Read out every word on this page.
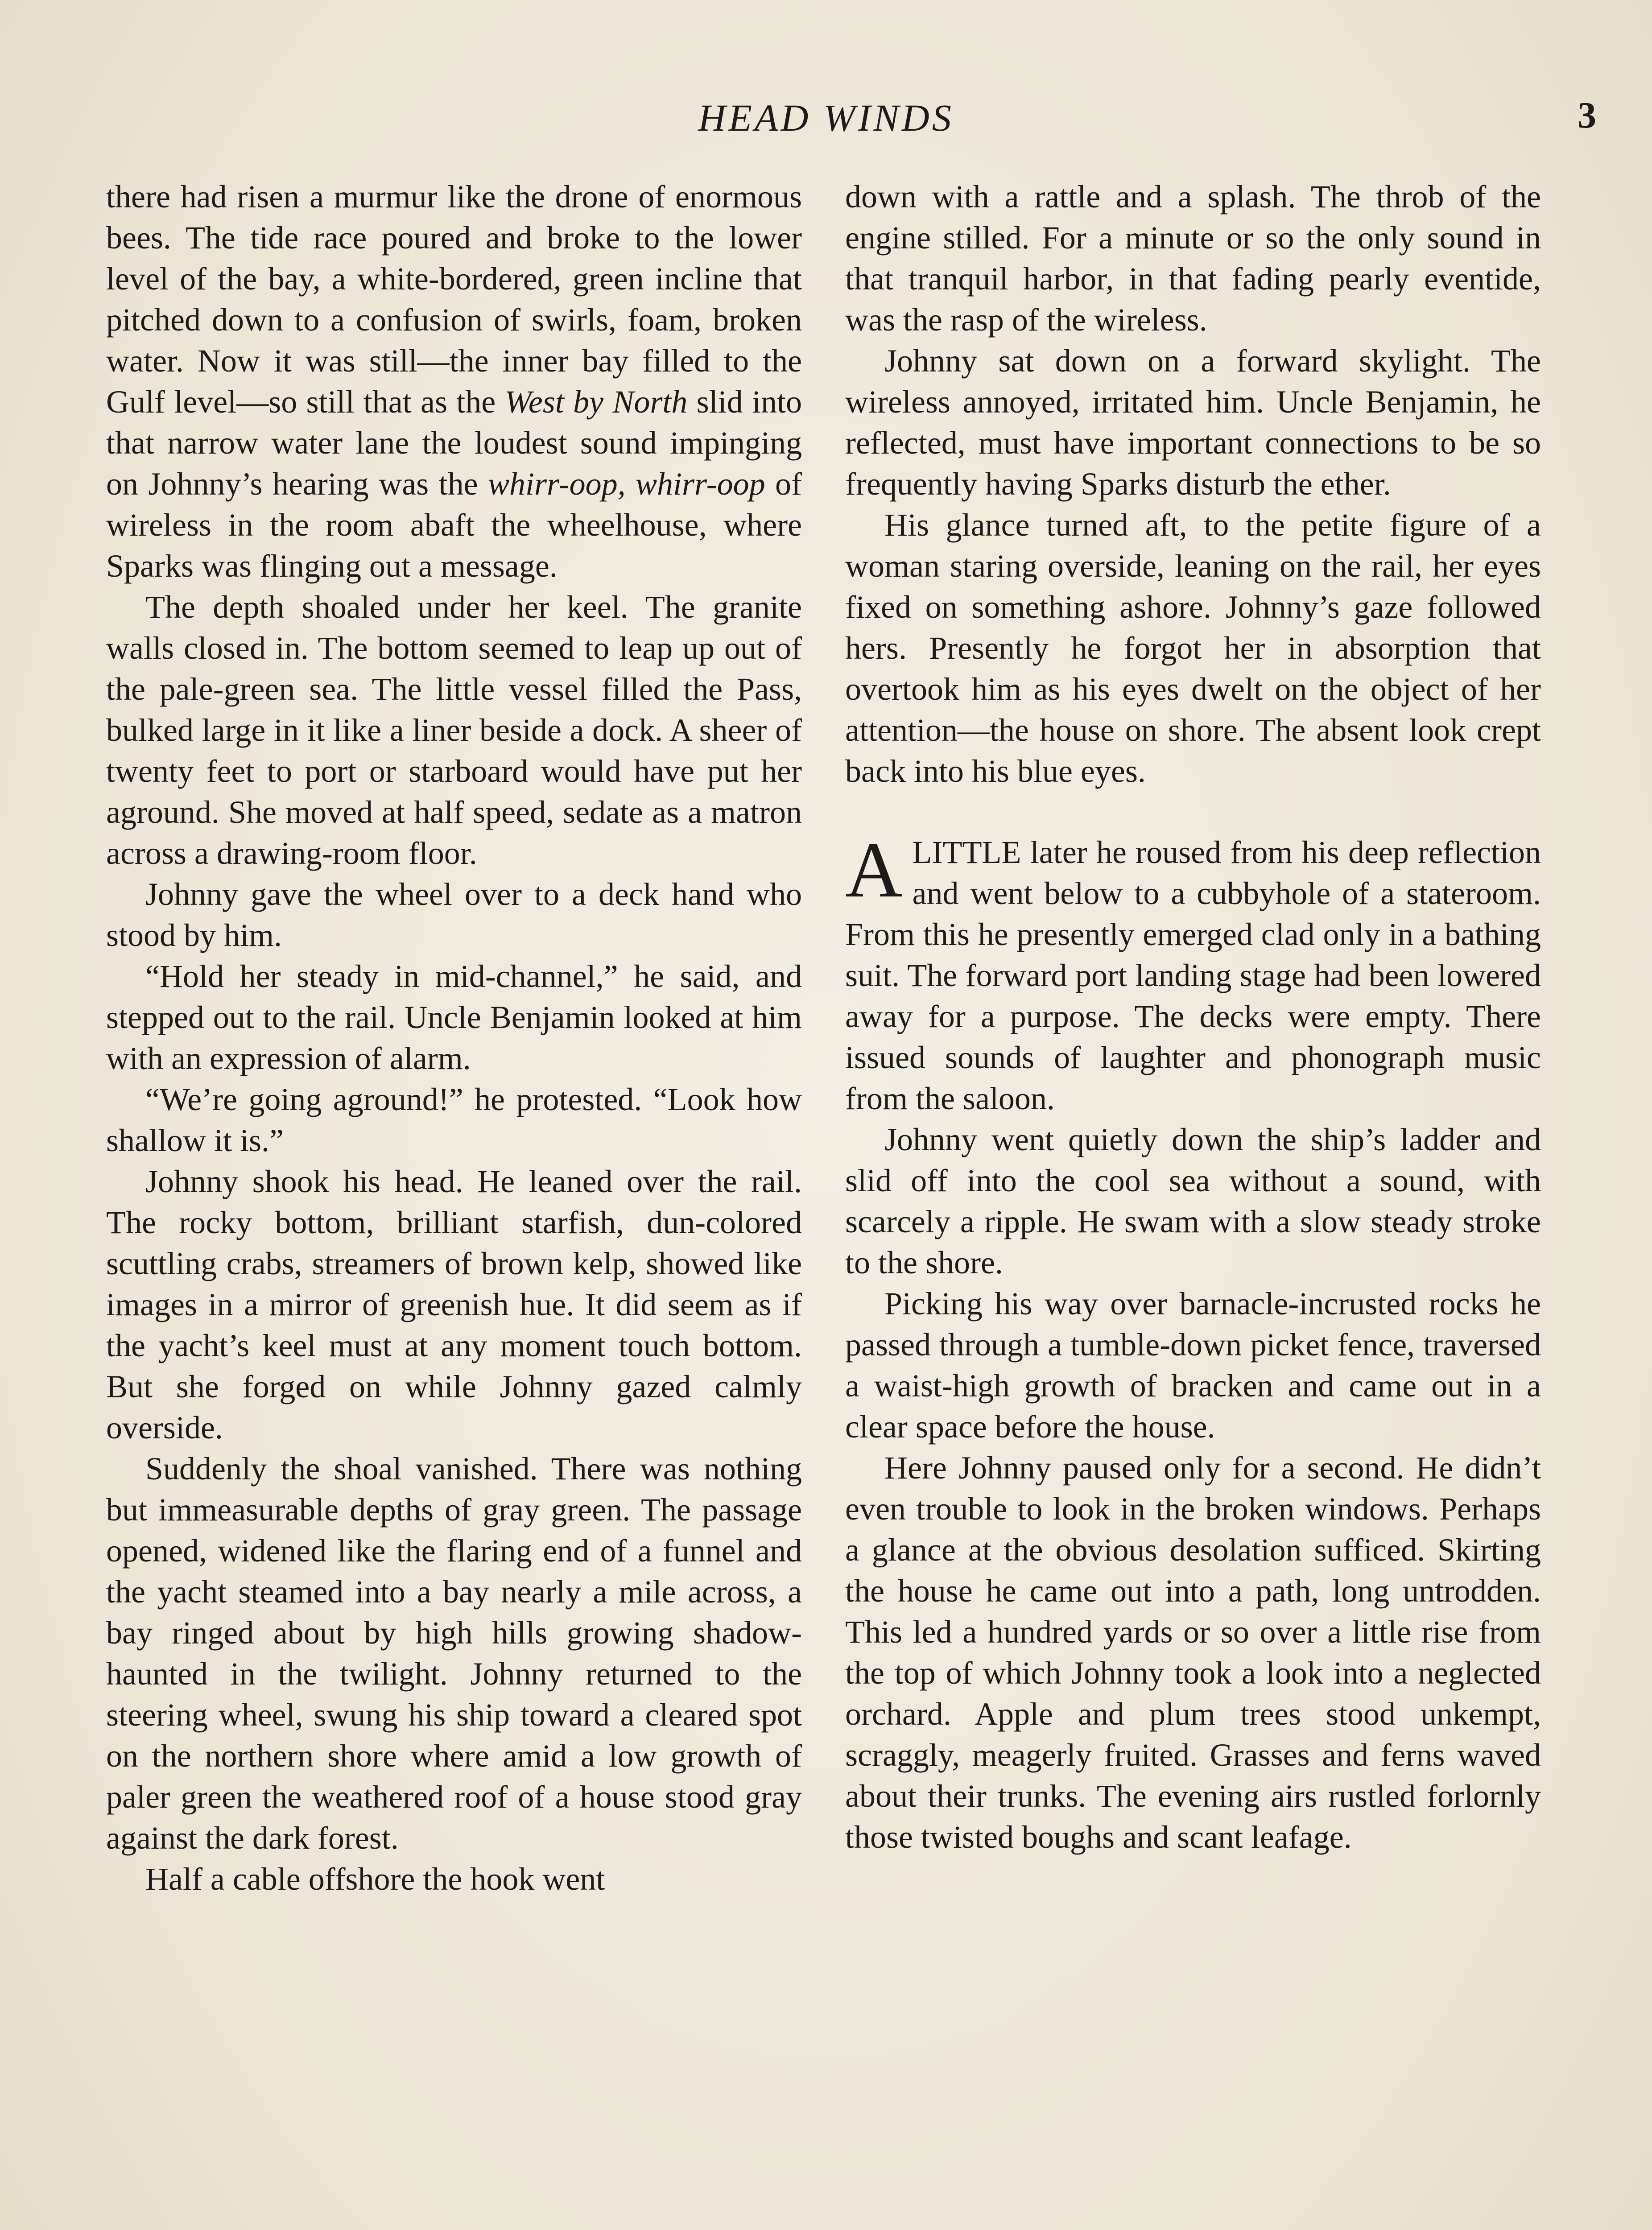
HEAD WINDS	3

there had risen a murmur like the drone of enormous bees. The tide race poured and broke to the lower level of the bay, a white-bordered, green incline that pitched down to a confusion of swirls, foam, broken water. Now it was still—the inner bay filled to the Gulf level—so still that as the West by North slid into that narrow water lane the loudest sound impinging on Johnny’s hearing was the whirr-oop, whirr-oop of wireless in the room abaft the wheelhouse, where Sparks was flinging out a message.

The depth shoaled under her keel. The granite walls closed in. The bottom seemed to leap up out of the pale-green sea. The little vessel filled the Pass, bulked large in it like a liner beside a dock. A sheer of twenty feet to port or starboard would have put her aground. She moved at half speed, sedate as a matron across a drawing-room floor.

Johnny gave the wheel over to a deck hand who stood by him.

“Hold her steady in mid-channel,” he said, and stepped out to the rail. Uncle Benjamin looked at him with an expression of alarm.

“We’re going aground!” he protested. “Look how shallow it is.”

Johnny shook his head. He leaned over the rail. The rocky bottom, brilliant starfish, dun-colored scuttling crabs, streamers of brown kelp, showed like images in a mirror of greenish hue. It did seem as if the yacht’s keel must at any moment touch bottom. But she forged on while Johnny gazed calmly overside.

Suddenly the shoal vanished. There was nothing but immeasurable depths of gray green. The passage opened, widened like the flaring end of a funnel and the yacht steamed into a bay nearly a mile across, a bay ringed about by high hills growing shadow-haunted in the twilight. Johnny returned to the steering wheel, swung his ship toward a cleared spot on the northern shore where amid a low growth of paler green the weathered roof of a house stood gray against the dark forest.

Half a cable offshore the hook went

down with a rattle and a splash. The throb of the engine stilled. For a minute or so the only sound in that tranquil harbor, in that fading pearly eventide, was the rasp of the wireless.

Johnny sat down on a forward skylight. The wireless annoyed, irritated him. Uncle Benjamin, he reflected, must have important connections to be so frequently having Sparks disturb the ether.

His glance turned aft, to the petite figure of a woman staring overside, leaning on the rail, her eyes fixed on something ashore. Johnny’s gaze followed hers. Presently he forgot her in absorption that overtook him as his eyes dwelt on the object of her attention—the house on shore. The absent look crept back into his blue eyes.

ALITTLE later he roused from his deep reflection and went below to a cubbyhole of a stateroom. From this he presently emerged clad only in a bathing suit. The forward port landing stage had been lowered away for a purpose. The decks were empty. There issued sounds of laughter and phonograph music from the saloon.

Johnny went quietly down the ship’s ladder and slid off into the cool sea without a sound, with scarcely a ripple. He swam with a slow steady stroke to the shore.

Picking his way over barnacle-incrusted rocks he passed through a tumble-down picket fence, traversed a waist-high growth of bracken and came out in a clear space before the house.

Here Johnny paused only for a second. He didn’t even trouble to look in the broken windows. Perhaps a glance at the obvious desolation sufficed. Skirting the house he came out into a path, long untrodden. This led a hundred yards or so over a little rise from the top of which Johnny took a look into a neglected orchard. Apple and plum trees stood unkempt, scraggly, meagerly fruited. Grasses and ferns waved about their trunks. The evening airs rustled forlornly those twisted boughs and scant leafage.
